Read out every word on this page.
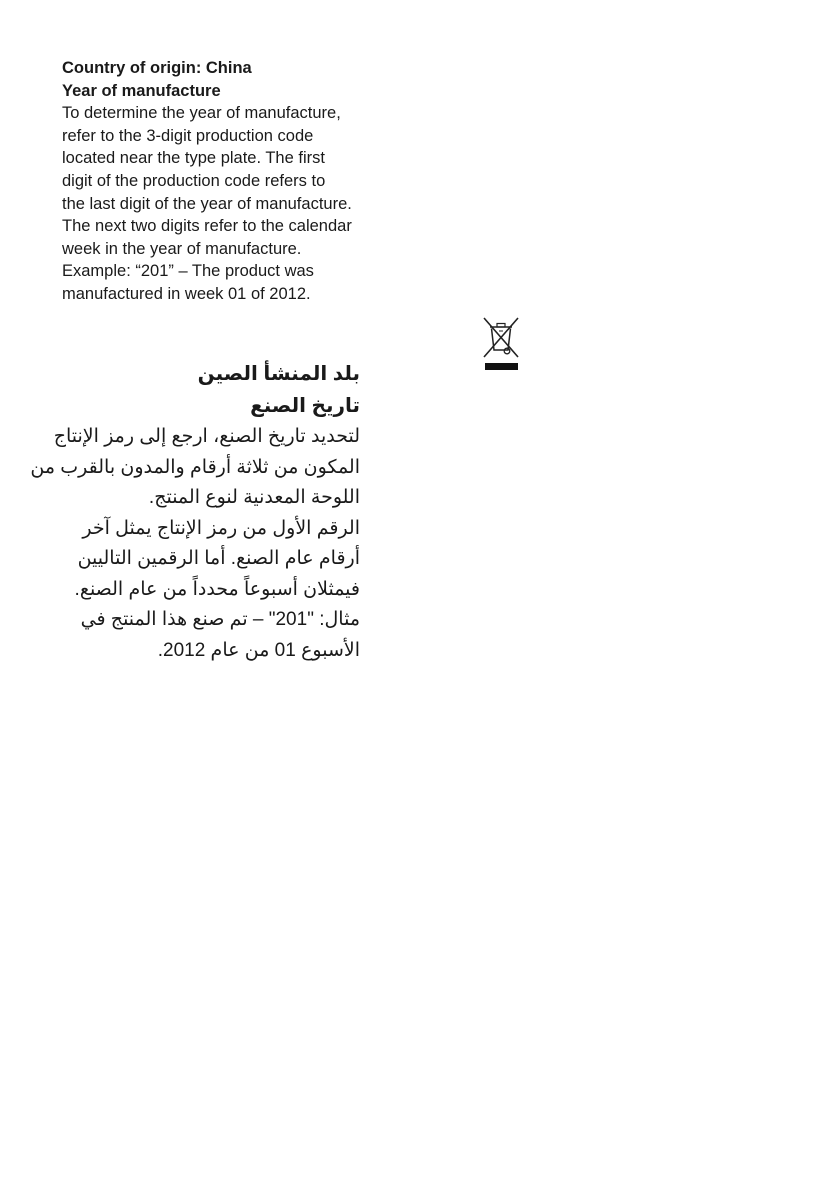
Country of origin: China

Year of manufacture

To determine the year of manufacture,

refer to the 3-digit production code

located near the type plate. The first

digit of the production code refers to

the last digit of the year of manufacture.

The next two digits refer to the calendar

week in the year of manufacture.

Example: “201” – The product was

manufactured in week 01 of 2012.

بلد المنشأ الصين

تاريخ الصنع

لتحديد تاريخ الصنع، ارجع إلى رمز الإنتاج

المكون من ثلاثة أرقام والمدون بالقرب من

اللوحة المعدنية لنوع المنتج.

الرقم الأول من رمز الإنتاج يمثل آخر

أرقام عام الصنع. أما الرقمين التاليين

فيمثلان أسبوعاً محدداً من عام الصنع.

مثال: "201" – تم صنع هذا المنتج في

الأسبوع 01 من عام 2012.
